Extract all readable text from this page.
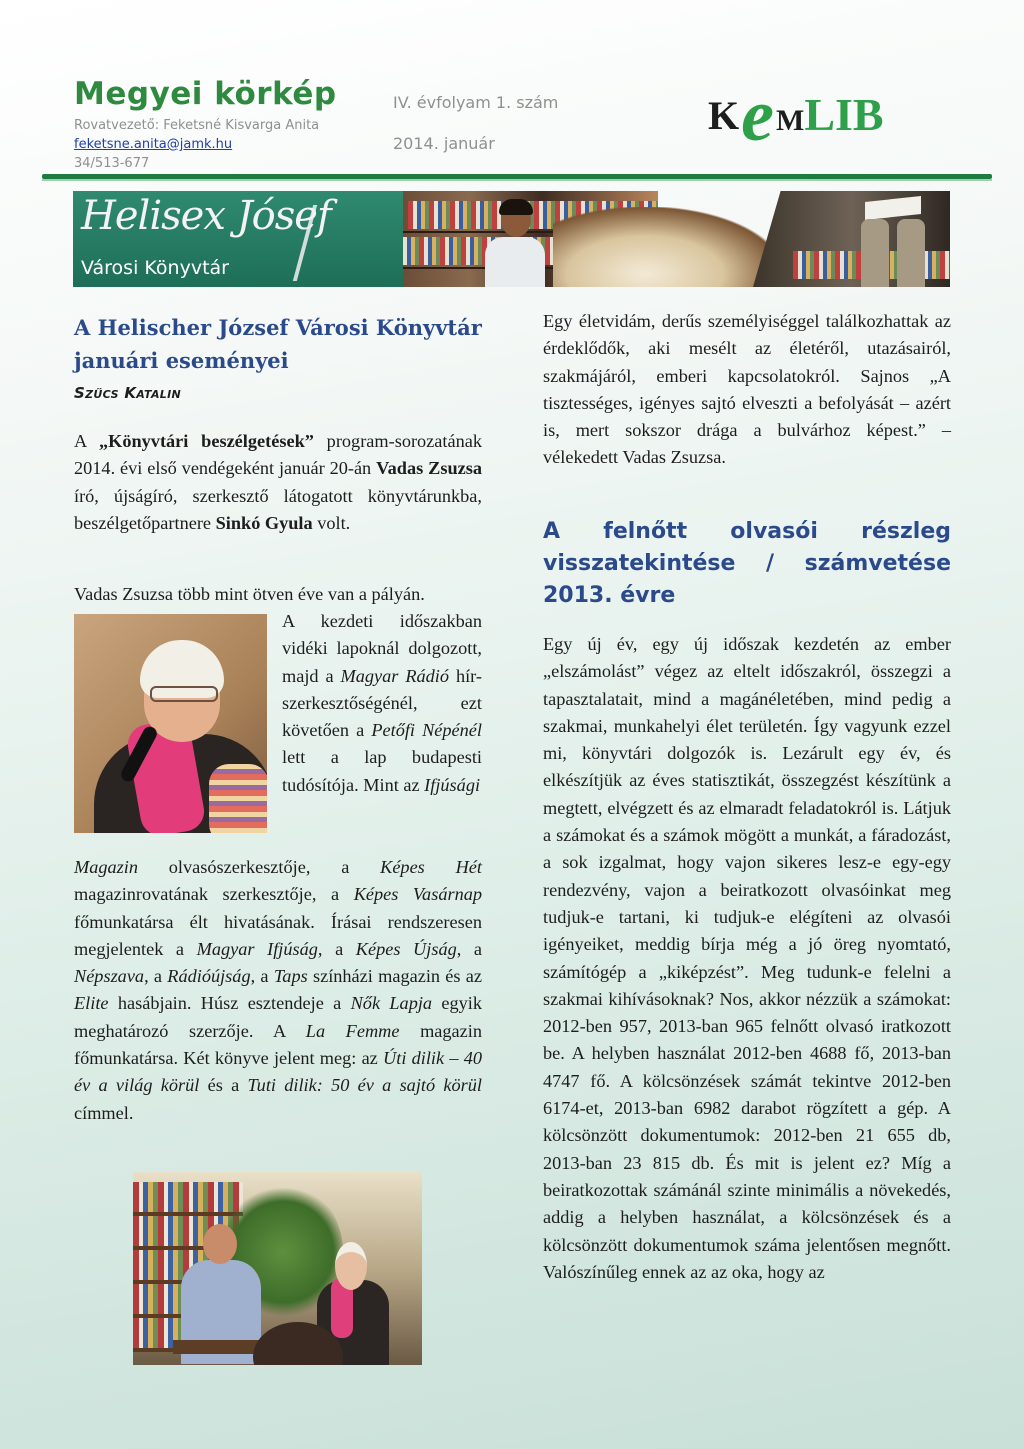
Megyei körkép
Rovatvezető: Feketsné Kisvarga Anita
feketsne.anita@jamk.hu
34/513-677
IV. évfolyam 1. szám
2014. január
K e M LIB
Helisex Jósef
Városi Könyvtár
A Helischer József Városi Könyvtár januári eseményei
Szűcs Katalin

A „Könyvtári beszélgetések” program-sorozatának 2014. évi első vendégeként január 20-án Vadas Zsuzsa író, újságíró, szerkesztő látogatott könyvtárunkba, beszélgetőpartnere Sinkó Gyula volt.

Vadas Zsuzsa több mint ötven éve van a pályán.

A kezdeti időszakban vidéki lapoknál dolgozott, majd a Magyar Rádió hír-szerkesztőségénél, ezt követően a Petőfi Népénél lett a lap budapesti tudósítója. Mint az Ifjúsági

Magazin olvasószerkesztője, a Képes Hét magazinrovatának szerkesztője, a Képes Vasárnap főmunkatársa élt hivatásának. Írásai rendszeresen megjelentek a Magyar Ifjúság, a Képes Újság, a Népszava, a Rádióújság, a Taps színházi magazin és az Elite hasábjain. Húsz esztendeje a Nők Lapja egyik meghatározó szerzője. A La Femme magazin főmunkatársa. Két könyve jelent meg: az Úti dilik – 40 év a világ körül és a Tuti dilik: 50 év a sajtó körül címmel.

Egy életvidám, derűs személyiséggel találkozhattak az érdeklődők, aki mesélt az életéről, utazásairól, szakmájáról, emberi kapcsolatokról. Sajnos „A tisztességes, igényes sajtó elveszti a befolyását – azért is, mert sokszor drága a bulvárhoz képest.” – vélekedett Vadas Zsuzsa.

A felnőtt olvasói részleg visszatekintése / számvetése 2013. évre

Egy új év, egy új időszak kezdetén az ember „elszámolást” végez az eltelt időszakról, összegzi a tapasztalatait, mind a magánéletében, mind pedig a szakmai, munkahelyi élet területén. Így vagyunk ezzel mi, könyvtári dolgozók is. Lezárult egy év, és elkészítjük az éves statisztikát, összegzést készítünk a megtett, elvégzett és az elmaradt feladatokról is. Látjuk a számokat és a számok mögött a munkát, a fáradozást, a sok izgalmat, hogy vajon sikeres lesz-e egy-egy rendezvény, vajon a beiratkozott olvasóinkat meg tudjuk-e tartani, ki tudjuk-e elégíteni az olvasói igényeiket, meddig bírja még a jó öreg nyomtató, számítógép a „kiképzést”. Meg tudunk-e felelni a szakmai kihívásoknak? Nos, akkor nézzük a számokat: 2012-ben 957, 2013-ban 965 felnőtt olvasó iratkozott be. A helyben használat 2012-ben 4688 fő, 2013-ban 4747 fő. A kölcsönzések számát tekintve 2012-ben 6174-et, 2013-ban 6982 darabot rögzített a gép. A kölcsönzött dokumentumok: 2012-ben 21 655 db, 2013-ban 23 815 db. És mit is jelent ez? Míg a beiratkozottak számánál szinte minimális a növekedés, addig a helyben használat, a kölcsönzések és a kölcsönzött dokumentumok száma jelentősen megnőtt. Valószínűleg ennek az az oka, hogy az
